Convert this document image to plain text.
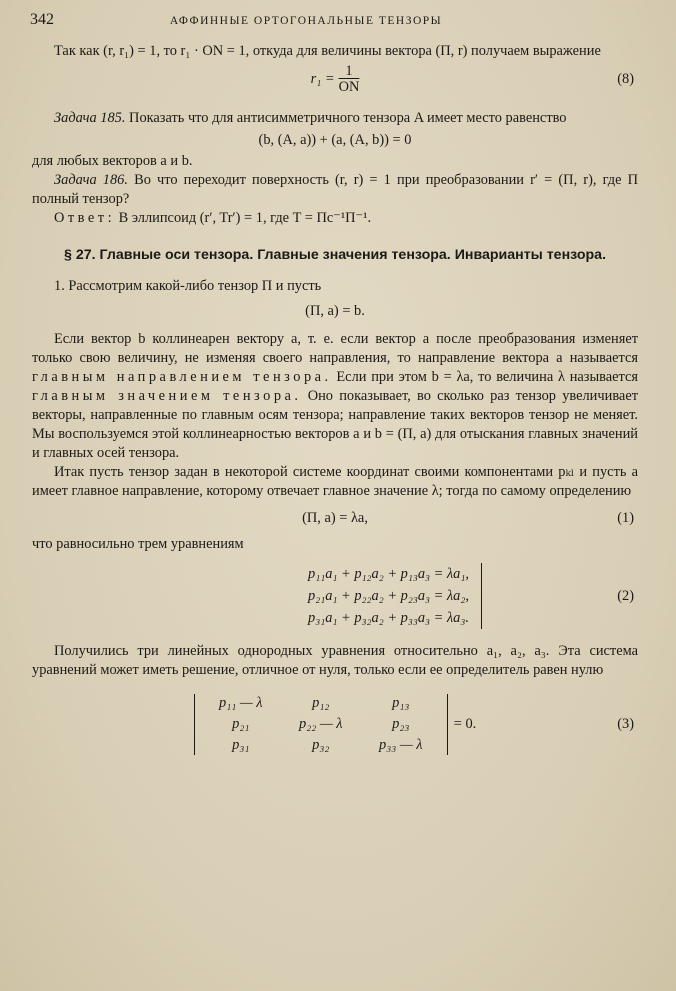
342	АФФИННЫЕ ОРТОГОНАЛЬНЫЕ ТЕНЗОРЫ

Так как (r, r₁) = 1, то r₁ · ON = 1, откуда для величины вектора (П, r) получаем выражение

$r_1 = \frac{1}{ON}$	(8)

Задача 185. Показать что для антисимметричного тензора A имеет место равенство

(b, (A, a)) + (a, (A, b)) = 0

для любых векторов a и b.

Задача 186. Во что переходит поверхность (r, r) = 1 при преобразовании r′ = (П, r), где П полный тензор?

Ответ: В эллипсоид (r′, Tr′) = 1, где T = Пс⁻¹П⁻¹.

§ 27. Главные оси тензора. Главные значения тензора. Инварианты тензора.

1. Рассмотрим какой-либо тензор П и пусть

(П, a) = b.

Если вектор b коллинеарен вектору a, т. е. если вектор a после преобразования изменяет только свою величину, не изменяя своего направления, то направление вектора a называется главным направлением тензора. Если при этом b = λa, то величина λ называется главным значением тензора. Оно показывает, во сколько раз тензор увеличивает векторы, направленные по главным осям тензора; направление таких векторов тензор не меняет. Мы воспользуемся этой коллинеарностью векторов a и b = (П, a) для отыскания главных значений и главных осей тензора.

Итак пусть тензор задан в некоторой системе координат своими компонентами pₖₗ и пусть a имеет главное направление, которому отвечает главное значение λ; тогда по самому определению

(П, a) = λa,	(1)

что равносильно трем уравнениям

p₁₁a₁ + p₁₂a₂ + p₁₃a₃ = λa₁,
p₂₁a₁ + p₂₂a₂ + p₂₃a₃ = λa₂,
p₃₁a₁ + p₃₂a₂ + p₃₃a₃ = λa₃.
(2)

Получились три линейных однородных уравнения относительно a₁, a₂, a₃. Эта система уравнений может иметь решение, отличное от нуля, только если ее определитель равен нулю

p₁₁ — λ	p₁₂	p₁₃
p₂₁	p₂₂ — λ	p₂₃
p₃₁	p₃₂	p₃₃ — λ
= 0.	(3)
